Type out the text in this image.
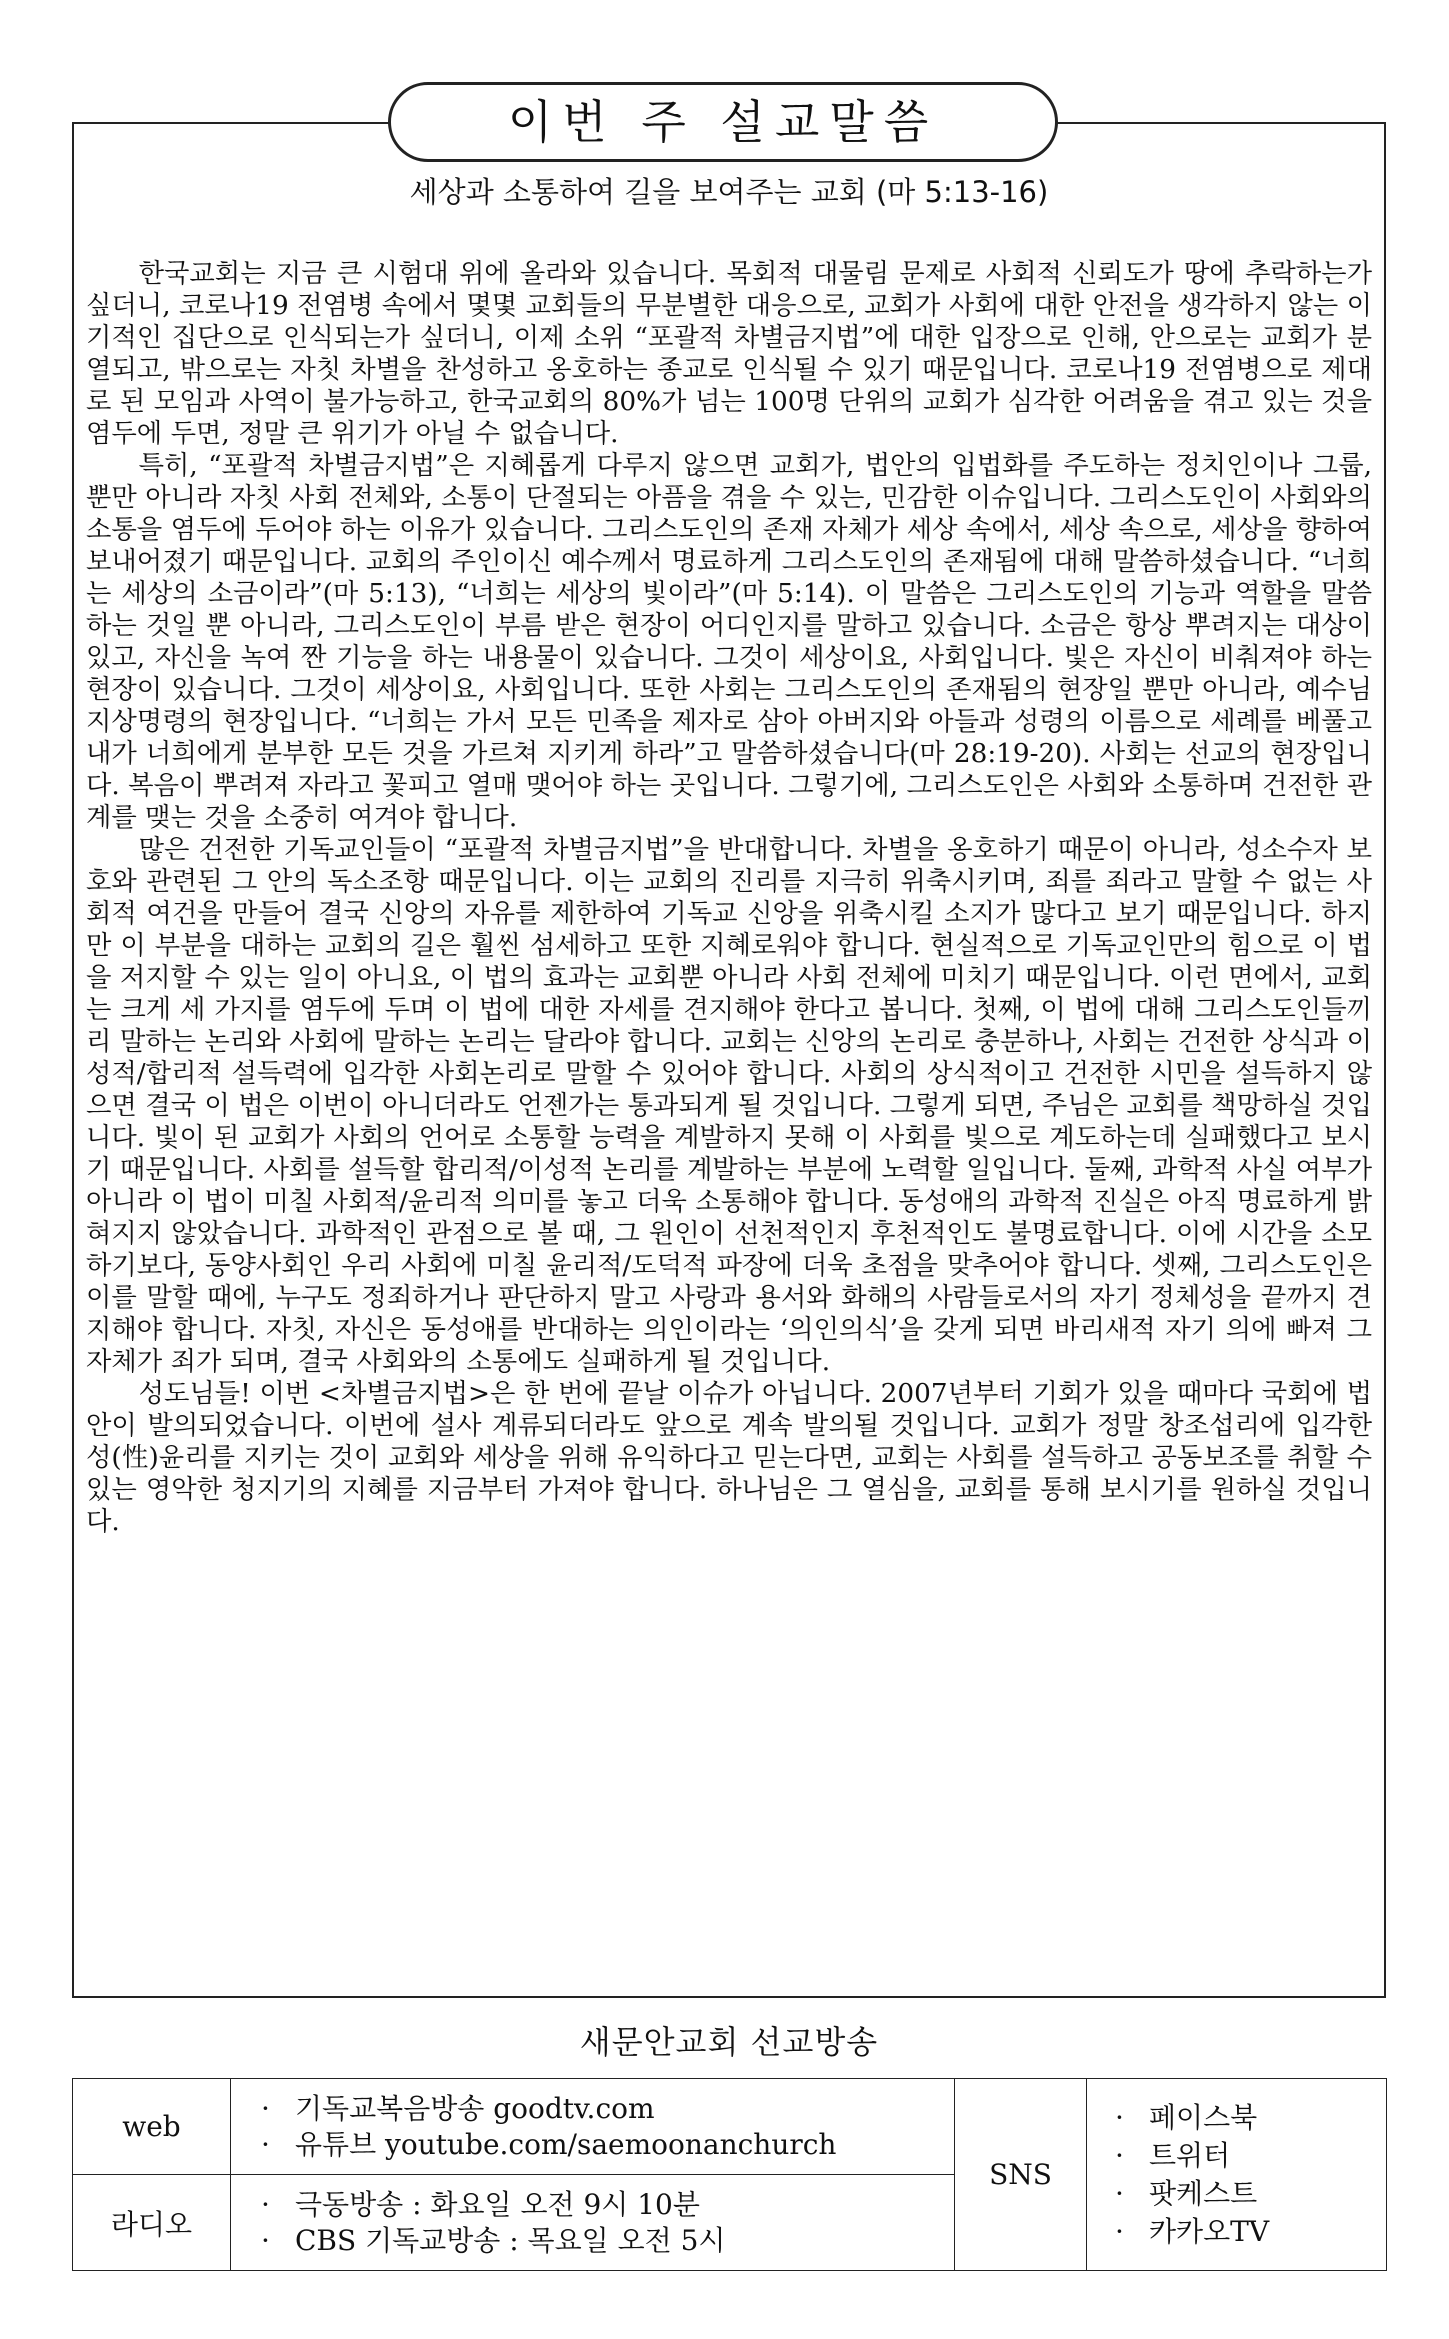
이번 주 설교말씀
세상과 소통하여 길을 보여주는 교회 (마 5:13-16)

한국교회는 지금 큰 시험대 위에 올라와 있습니다. 목회적 대물림 문제로 사회적 신뢰도가 땅에 추락하는가 싶더니, 코로나19 전염병 속에서 몇몇 교회들의 무분별한 대응으로, 교회가 사회에 대한 안전을 생각하지 않는 이기적인 집단으로 인식되는가 싶더니, 이제 소위 “포괄적 차별금지법”에 대한 입장으로 인해, 안으로는 교회가 분열되고, 밖으로는 자칫 차별을 찬성하고 옹호하는 종교로 인식될 수 있기 때문입니다. 코로나19 전염병으로 제대로 된 모임과 사역이 불가능하고, 한국교회의 80%가 넘는 100명 단위의 교회가 심각한 어려움을 겪고 있는 것을 염두에 두면, 정말 큰 위기가 아닐 수 없습니다.

특히, “포괄적 차별금지법”은 지혜롭게 다루지 않으면 교회가, 법안의 입법화를 주도하는 정치인이나 그룹, 뿐만 아니라 자칫 사회 전체와, 소통이 단절되는 아픔을 겪을 수 있는, 민감한 이슈입니다. 그리스도인이 사회와의 소통을 염두에 두어야 하는 이유가 있습니다. 그리스도인의 존재 자체가 세상 속에서, 세상 속으로, 세상을 향하여 보내어졌기 때문입니다. 교회의 주인이신 예수께서 명료하게 그리스도인의 존재됨에 대해 말씀하셨습니다. “너희는 세상의 소금이라”(마 5:13), “너희는 세상의 빛이라”(마 5:14). 이 말씀은 그리스도인의 기능과 역할을 말씀하는 것일 뿐 아니라, 그리스도인이 부름 받은 현장이 어디인지를 말하고 있습니다. 소금은 항상 뿌려지는 대상이 있고, 자신을 녹여 짠 기능을 하는 내용물이 있습니다. 그것이 세상이요, 사회입니다. 빛은 자신이 비춰져야 하는 현장이 있습니다. 그것이 세상이요, 사회입니다. 또한 사회는 그리스도인의 존재됨의 현장일 뿐만 아니라, 예수님 지상명령의 현장입니다. “너희는 가서 모든 민족을 제자로 삼아 아버지와 아들과 성령의 이름으로 세례를 베풀고 내가 너희에게 분부한 모든 것을 가르쳐 지키게 하라”고 말씀하셨습니다(마 28:19-20). 사회는 선교의 현장입니다. 복음이 뿌려져 자라고 꽃피고 열매 맺어야 하는 곳입니다. 그렇기에, 그리스도인은 사회와 소통하며 건전한 관계를 맺는 것을 소중히 여겨야 합니다.

많은 건전한 기독교인들이 “포괄적 차별금지법”을 반대합니다. 차별을 옹호하기 때문이 아니라, 성소수자 보호와 관련된 그 안의 독소조항 때문입니다. 이는 교회의 진리를 지극히 위축시키며, 죄를 죄라고 말할 수 없는 사회적 여건을 만들어 결국 신앙의 자유를 제한하여 기독교 신앙을 위축시킬 소지가 많다고 보기 때문입니다. 하지만 이 부분을 대하는 교회의 길은 훨씬 섬세하고 또한 지혜로워야 합니다. 현실적으로 기독교인만의 힘으로 이 법을 저지할 수 있는 일이 아니요, 이 법의 효과는 교회뿐 아니라 사회 전체에 미치기 때문입니다. 이런 면에서, 교회는 크게 세 가지를 염두에 두며 이 법에 대한 자세를 견지해야 한다고 봅니다. 첫째, 이 법에 대해 그리스도인들끼리 말하는 논리와 사회에 말하는 논리는 달라야 합니다. 교회는 신앙의 논리로 충분하나, 사회는 건전한 상식과 이성적/합리적 설득력에 입각한 사회논리로 말할 수 있어야 합니다. 사회의 상식적이고 건전한 시민을 설득하지 않으면 결국 이 법은 이번이 아니더라도 언젠가는 통과되게 될 것입니다. 그렇게 되면, 주님은 교회를 책망하실 것입니다. 빛이 된 교회가 사회의 언어로 소통할 능력을 계발하지 못해 이 사회를 빛으로 계도하는데 실패했다고 보시기 때문입니다. 사회를 설득할 합리적/이성적 논리를 계발하는 부분에 노력할 일입니다. 둘째, 과학적 사실 여부가 아니라 이 법이 미칠 사회적/윤리적 의미를 놓고 더욱 소통해야 합니다. 동성애의 과학적 진실은 아직 명료하게 밝혀지지 않았습니다. 과학적인 관점으로 볼 때, 그 원인이 선천적인지 후천적인도 불명료합니다. 이에 시간을 소모하기보다, 동양사회인 우리 사회에 미칠 윤리적/도덕적 파장에 더욱 초점을 맞추어야 합니다. 셋째, 그리스도인은 이를 말할 때에, 누구도 정죄하거나 판단하지 말고 사랑과 용서와 화해의 사람들로서의 자기 정체성을 끝까지 견지해야 합니다. 자칫, 자신은 동성애를 반대하는 의인이라는 ‘의인의식’을 갖게 되면 바리새적 자기 의에 빠져 그 자체가 죄가 되며, 결국 사회와의 소통에도 실패하게 될 것입니다.

성도님들! 이번 <차별금지법>은 한 번에 끝날 이슈가 아닙니다. 2007년부터 기회가 있을 때마다 국회에 법안이 발의되었습니다. 이번에 설사 계류되더라도 앞으로 계속 발의될 것입니다. 교회가 정말 창조섭리에 입각한 성(性)윤리를 지키는 것이 교회와 세상을 위해 유익하다고 믿는다면, 교회는 사회를 설득하고 공동보조를 취할 수 있는 영악한 청지기의 지혜를 지금부터 가져야 합니다. 하나님은 그 열심을, 교회를 통해 보시기를 원하실 것입니다.

새문안교회 선교방송
web	· 기독교복음방송 goodtv.com
· 유튜브 youtube.com/saemoonanchurch	SNS	· 페이스북
· 트위터
· 팟케스트
· 카카오TV

라디오	· 극동방송 : 화요일 오전 9시 10분
· CBS 기독교방송 : 목요일 오전 5시		
